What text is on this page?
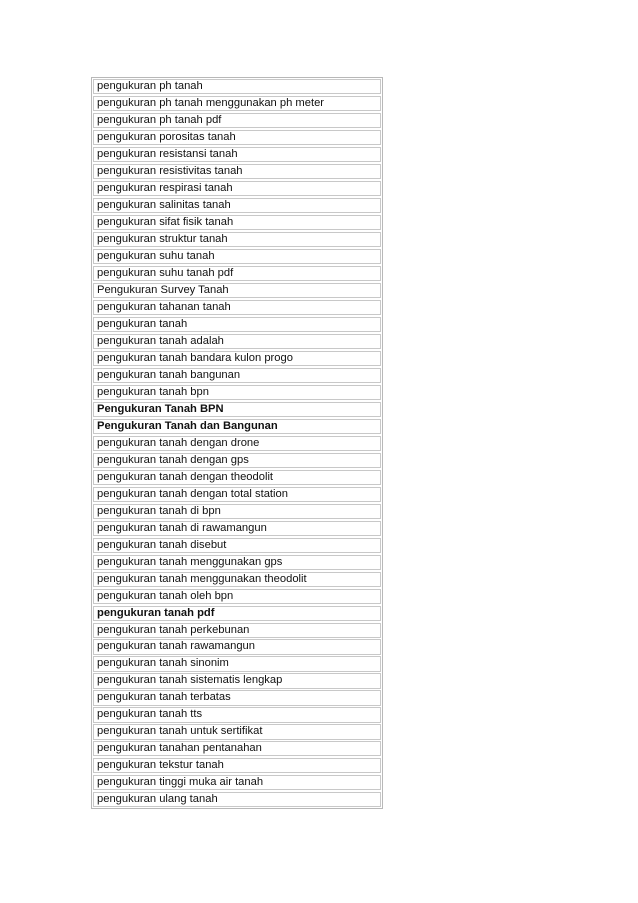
pengukuran ph tanah
pengukuran ph tanah menggunakan ph meter
pengukuran ph tanah pdf
pengukuran porositas tanah
pengukuran resistansi tanah
pengukuran resistivitas tanah
pengukuran respirasi tanah
pengukuran salinitas tanah
pengukuran sifat fisik tanah
pengukuran struktur tanah
pengukuran suhu tanah
pengukuran suhu tanah pdf
Pengukuran Survey Tanah
pengukuran tahanan tanah
pengukuran tanah
pengukuran tanah adalah
pengukuran tanah bandara kulon progo
pengukuran tanah bangunan
pengukuran tanah bpn
Pengukuran Tanah BPN
Pengukuran Tanah dan Bangunan
pengukuran tanah dengan drone
pengukuran tanah dengan gps
pengukuran tanah dengan theodolit
pengukuran tanah dengan total station
pengukuran tanah di bpn
pengukuran tanah di rawamangun
pengukuran tanah disebut
pengukuran tanah menggunakan gps
pengukuran tanah menggunakan theodolit
pengukuran tanah oleh bpn
pengukuran tanah pdf
pengukuran tanah perkebunan
pengukuran tanah rawamangun
pengukuran tanah sinonim
pengukuran tanah sistematis lengkap
pengukuran tanah terbatas
pengukuran tanah tts
pengukuran tanah untuk sertifikat
pengukuran tanahan pentanahan
pengukuran tekstur tanah
pengukuran tinggi muka air tanah
pengukuran ulang tanah
